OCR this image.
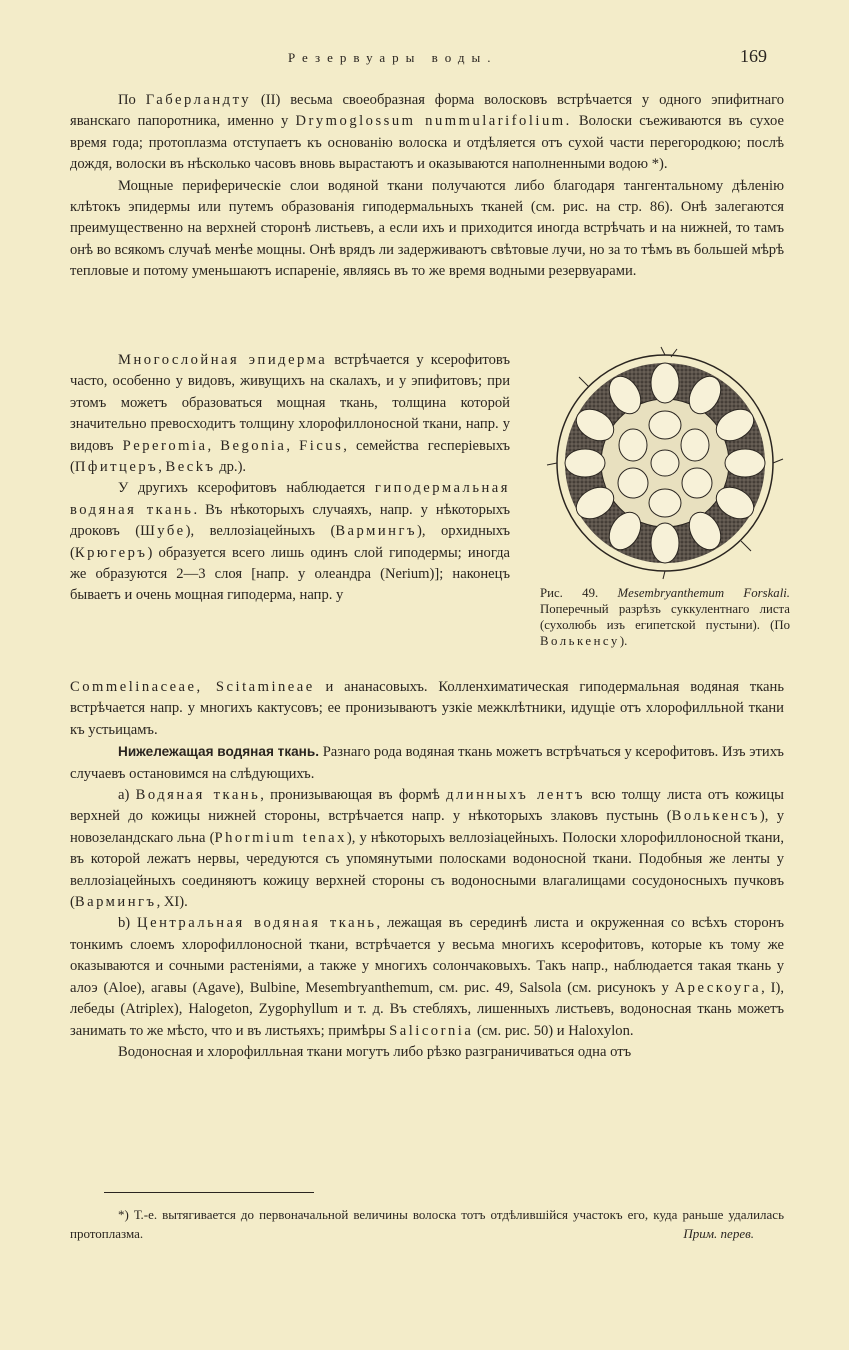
Резервуары воды.	169

По Габерландту (II) весьма своеобразная форма волосковъ встрѣчается у одного эпифитнаго яванскаго папоротника, именно у Drymoglossum nummularifolium. Волоски съеживаются въ сухое время года; протоплазма отступаетъ къ основанію волоска и отдѣляется отъ сухой части перегородкою; послѣ дождя, волоски въ нѣсколько часовъ вновь вырастаютъ и оказываются наполненными водою *).

Мощные периферическіе слои водяной ткани получаются либо благодаря тангентальному дѣленію клѣтокъ эпидермы или путемъ образованія гиподермальныхъ тканей (см. рис. на стр. 86). Онѣ залегаются преимущественно на верхней сторонѣ листьевъ, а если ихъ и приходится иногда встрѣчать и на нижней, то тамъ онѣ во всякомъ случаѣ менѣе мощны. Онѣ врядъ ли задерживаютъ свѣтовые лучи, но за то тѣмъ въ большей мѣрѣ тепловые и потому уменьшаютъ испареніе, являясь въ то же время водными резервуарами.

Многослойная эпидерма встрѣчается у ксерофитовъ часто, особенно у видовъ, живущихъ на скалахъ, и у эпифитовъ; при этомъ можетъ образоваться мощная ткань, толщина которой значительно превосходитъ толщину хлорофиллоносной ткани, напр. у видовъ Peperomia, Begonia, Ficus, семейства гесперіевыхъ (Пфитцеръ, Beckъ др.).

У другихъ ксерофитовъ наблюдается гиподермальная водяная ткань. Въ нѣкоторыхъ случаяхъ, напр. у нѣкоторыхъ дроковъ (Шубе), веллозіацейныхъ (Вармингъ), орхидныхъ (Крюгеръ) образуется всего лишь одинъ слой гиподермы; иногда же образуются 2—3 слоя [напр. у олеандра (Nerium)]; наконецъ бываетъ и очень мощная гиподерма, напр. у	Рис. 49. Mesembryanthemum Forskali. Поперечный разрѣзъ суккулентнаго листа (сухолюбь изъ египетской пустыни). (По Волькенсу).

Commelinaceae, Scitamineae и ананасовыхъ. Колленхиматическая гиподермальная водяная ткань встрѣчается напр. у многихъ кактусовъ; ее пронизываютъ узкіе межклѣтники, идущіе отъ хлорофилльной ткани къ устьицамъ.

Нижележащая водяная ткань. Разнаго рода водяная ткань можетъ встрѣчаться у ксерофитовъ. Изъ этихъ случаевъ остановимся на слѣдующихъ.

a) Водяная ткань, пронизывающая въ формѣ длинныхъ лентъ всю толщу листа отъ кожицы верхней до кожицы нижней стороны, встрѣчается напр. у нѣкоторыхъ злаковъ пустынь (Волькенсъ), у новозеландскаго льна (Phormium tenax), у нѣкоторыхъ веллозіацейныхъ. Полоски хлорофиллоносной ткани, въ которой лежатъ нервы, чередуются съ упомянутыми полосками водоносной ткани. Подобныя же ленты у веллозіацейныхъ соединяютъ кожицу верхней стороны съ водоносными влагалищами сосудоносныхъ пучковъ (Вармингъ, XI).

b) Центральная водяная ткань, лежащая въ серединѣ листа и окруженная со всѣхъ сторонъ тонкимъ слоемъ хлорофиллоносной ткани, встрѣчается у весьма многихъ ксерофитовъ, которые къ тому же оказываются и сочными растеніями, а также у многихъ солончаковыхъ. Такъ напр., наблюдается такая ткань у алоэ (Aloe), агавы (Agave), Bulbine, Mesembryanthemum, см. рис. 49, Salsola (см. рисунокъ у Арескоуга, I), лебеды (Atriplex), Halogeton, Zygophyllum и т. д. Въ стебляхъ, лишенныхъ листьевъ, водоносная ткань можетъ занимать то же мѣсто, что и въ листьяхъ; примѣры Salicornia (см. рис. 50) и Haloxylon.

Водоносная и хлорофилльная ткани могутъ либо рѣзко разграничиваться одна отъ

*) Т.-е. вытягивается до первоначальной величины волоска тотъ отдѣлившійся участокъ его, куда раньше удалилась протоплазма.	Прим. перев.
